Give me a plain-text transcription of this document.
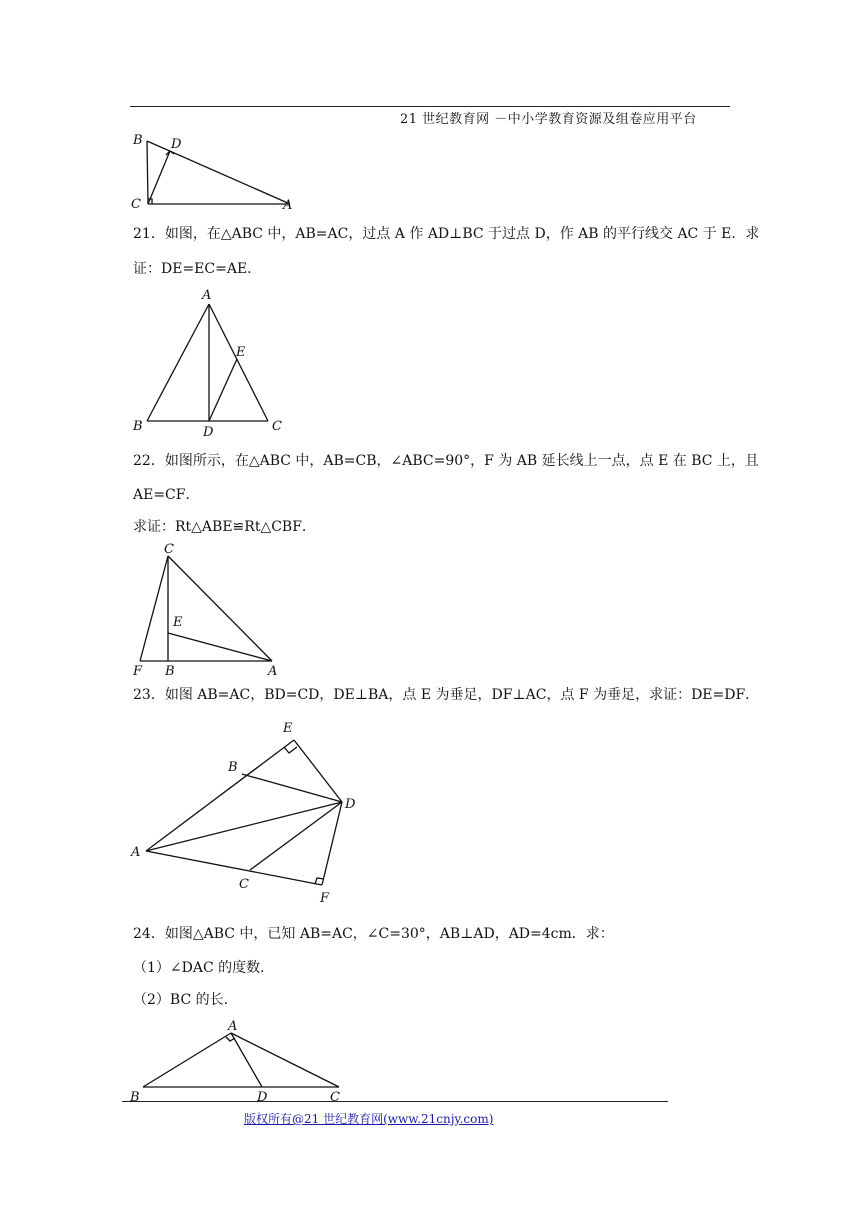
21 世纪教育网 －中小学教育资源及组卷应用平台
B D
C	A
21．如图，在△ABC 中，AB=AC，过点 A 作 AD⊥BC 于过点 D，作 AB 的平行线交 AC 于 E．求
证：DE=EC=AE．
A
E
B	D	C
22．如图所示，在△ABC 中，AB=CB，∠ABC=90°，F 为 AB 延长线上一点，点 E 在 BC 上，且
AE=CF．
求证：Rt△ABE≌Rt△CBF．
C
E
F B	A
23．如图 AB=AC，BD=CD，DE⊥BA，点 E 为垂足，DF⊥AC，点 F 为垂足，求证：DE=DF．
E
B
D
A
C
F
24．如图△ABC 中，已知 AB=AC，∠C=30°，AB⊥AD，AD=4cm．求：
（1）∠DAC 的度数．
（2）BC 的长．
A
B	D	C
版权所有@21 世纪教育网(www.21cnjy.com)
